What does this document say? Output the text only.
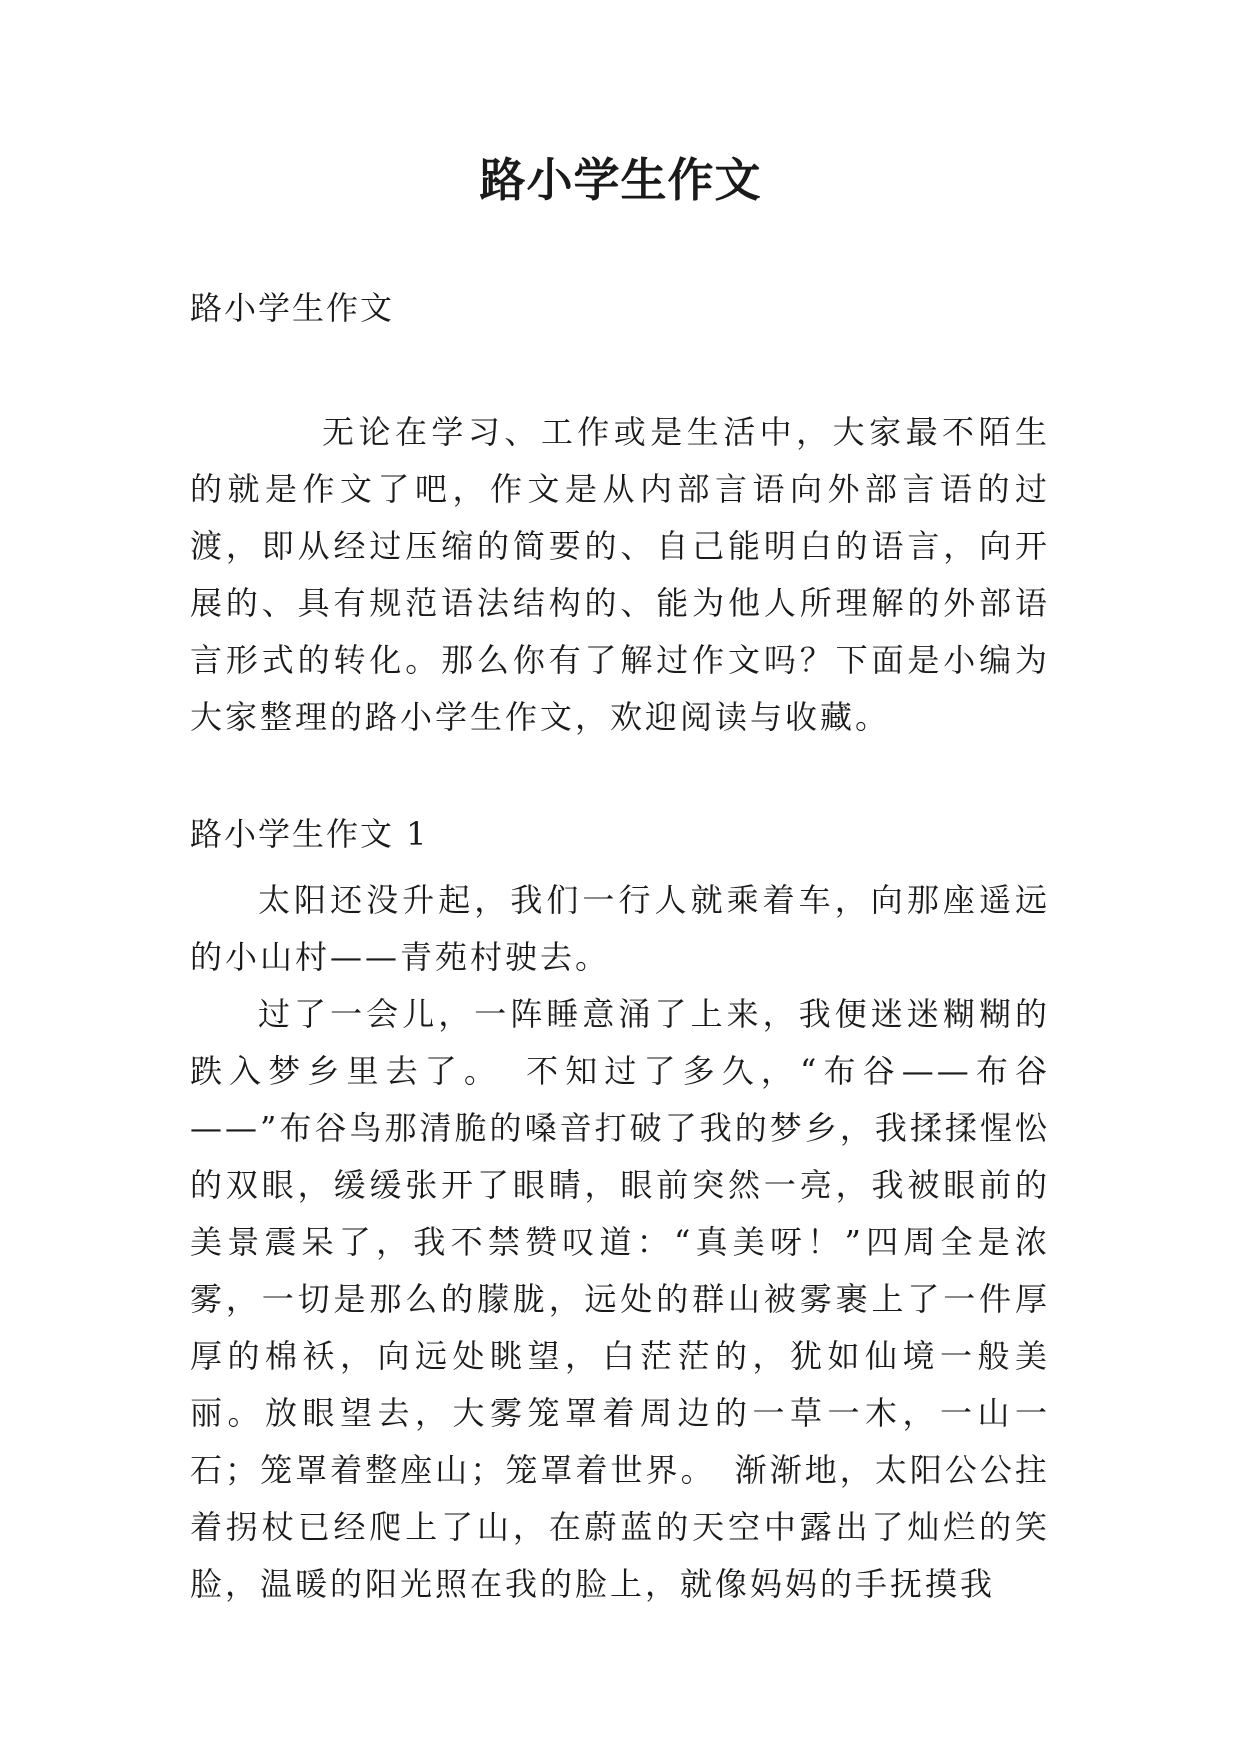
路小学生作文
路小学生作文

无论在学习、工作或是生活中，大家最不陌生的就是作文了吧，作文是从内部言语向外部言语的过渡，即从经过压缩的简要的、自己能明白的语言，向开展的、具有规范语法结构的、能为他人所理解的外部语言形式的转化。那么你有了解过作文吗？下面是小编为大家整理的路小学生作文，欢迎阅读与收藏。

路小学生作文 1

太阳还没升起，我们一行人就乘着车，向那座遥远的小山村——青苑村驶去。

过了一会儿，一阵睡意涌了上来，我便迷迷糊糊的跌入梦乡里去了。　不知过了多久，“布谷——布谷——”布谷鸟那清脆的嗓音打破了我的梦乡，我揉揉惺忪的双眼，缓缓张开了眼睛，眼前突然一亮，我被眼前的美景震呆了，我不禁赞叹道：“真美呀！”四周全是浓雾，一切是那么的朦胧，远处的群山被雾裹上了一件厚厚的棉袄，向远处眺望，白茫茫的，犹如仙境一般美丽。放眼望去，大雾笼罩着周边的一草一木，一山一石；笼罩着整座山；笼罩着世界。　渐渐地，太阳公公拄着拐杖已经爬上了山，在蔚蓝的天空中露出了灿烂的笑脸，温暖的阳光照在我的脸上，就像妈妈的手抚摸我
